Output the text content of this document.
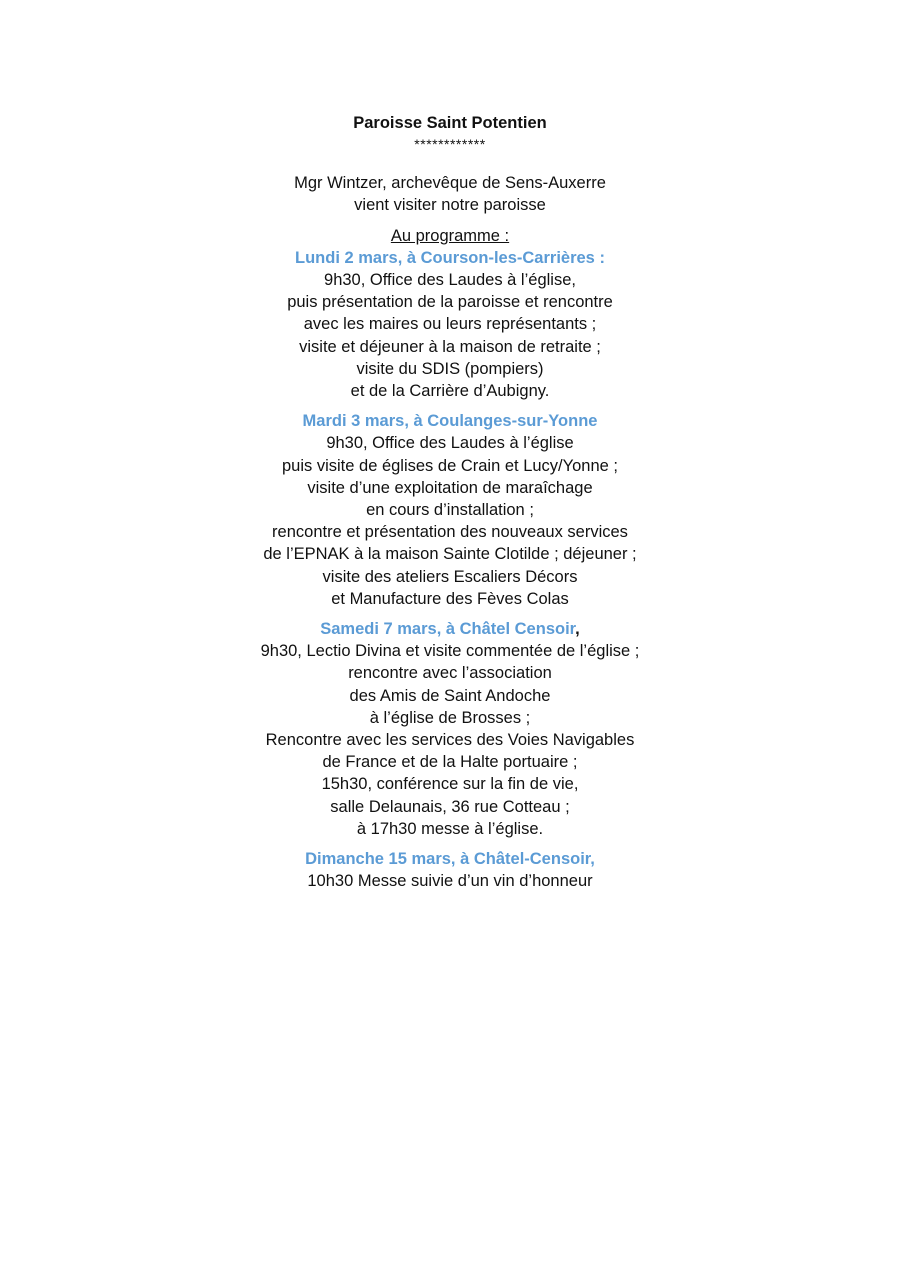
Paroisse Saint Potentien
************
Mgr Wintzer, archevêque de Sens-Auxerre
vient visiter notre paroisse
Au programme :
Lundi 2 mars, à Courson-les-Carrières :
9h30, Office des Laudes à l’église,
puis présentation de la paroisse et rencontre
avec les maires ou leurs représentants ;
visite et déjeuner à la maison de retraite ;
visite du SDIS (pompiers)
et de la Carrière d’Aubigny.
Mardi 3 mars, à Coulanges-sur-Yonne
9h30, Office des Laudes à l’église
puis visite de églises de Crain et Lucy/Yonne ;
visite d’une exploitation de maraîchage
en cours d’installation ;
rencontre et présentation des nouveaux services
de l’EPNAK à la maison Sainte Clotilde ; déjeuner ;
visite des ateliers Escaliers Décors
et Manufacture des Fèves Colas
Samedi 7 mars, à Châtel Censoir,
9h30, Lectio Divina et visite commentée de l’église ;
rencontre avec l’association
des Amis de Saint Andoche
à l’église de Brosses ;
Rencontre avec les services des Voies Navigables
de France et de la Halte portuaire ;
15h30, conférence sur la fin de vie,
salle Delaunais, 36 rue Cotteau ;
à 17h30 messe à l’église.
Dimanche 15 mars, à Châtel-Censoir,
10h30 Messe suivie d’un vin d’honneur
